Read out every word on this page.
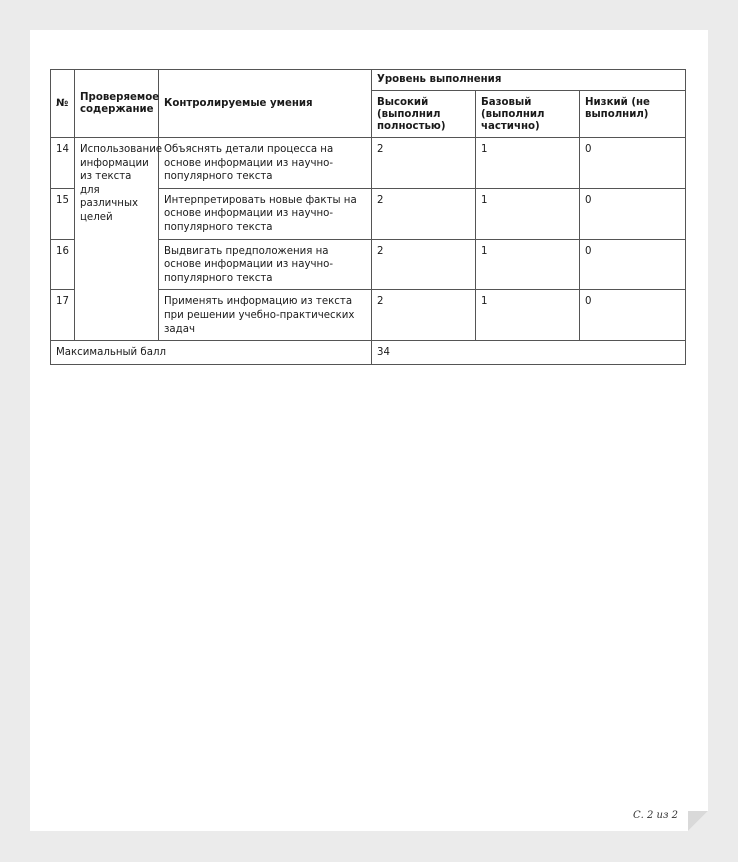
№	Проверяемое содержание	Контролируемые умения	Уровень выполнения		
			Высокий (выполнил полностью)	Базовый (выполнил частично)	Низкий (не выполнил)
14	Использование информации из текста для различных целей	Объяснять детали процесса на основе информации из научно-популярного текста	2	1	0
15		Интерпретировать новые факты на основе информации из научно-популярного текста	2	1	0
16		Выдвигать предположения на основе информации из научно-популярного текста	2	1	0
17		Применять информацию из текста при решении учебно-практических задач	2	1	0
Максимальный балл			34		
С. 2 из 2
